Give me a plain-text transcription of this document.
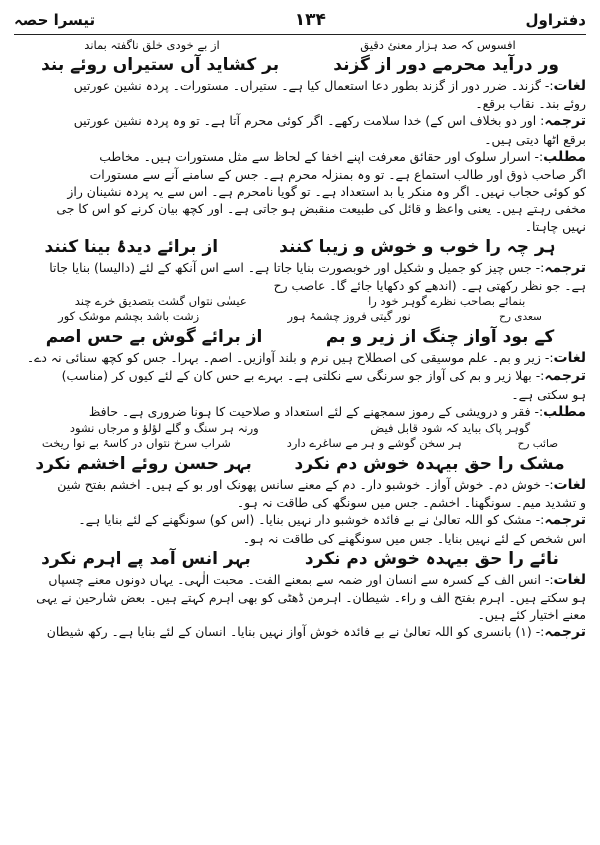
تیسرا حصہ	۱۳۴	دفتراول
افسوس کہ صد ہزار معنئ دقیق
از بے خودی خلق ناگفتہ بماند
ور درآید محرمے دور از گزند
بر کشاید آں ستیراں روئے بند
لغات:- گزند۔ ضرر دور از گزند بطور دعا استعمال کیا ہے۔ ستیراں۔ مستورات۔ پردہ نشین عورتیں
روئے بند۔ نقاب برقع۔
ترجمہ: اور دو بخلاف اس کے) خدا سلامت رکھے۔ اگر کوئی محرم آتا ہے۔ تو وہ پردہ نشین عورتیں
برقع اٹھا دیتی ہیں۔
مطلب:- اسرار سلوک اور حقائق معرفت اپنے اخفا کے لحاظ سے مثل مستورات ہیں۔ مخاطب
اگر صاحب ذوق اور طالب استماع ہے۔ تو وہ بمنزلہ محرم ہے۔ جس کے سامنے آنے سے مستورات
کو کوئی حجاب نہیں۔ اگر وہ منکر یا بد استعداد ہے۔ تو گویا نامحرم ہے۔ اس سے یہ پردہ نشینان راز
مخفی رہتے ہیں۔ یعنی واعظ و قائل کی طبیعت منقبض ہو جاتی ہے۔ اور کچھ بیان کرنے کو اس کا جی
نہیں چاہتا۔
ہر چہ را خوب و خوش و زیبا کنند
از برائے دیدۂ بینا کنند
ترجمہ:- جس چیز کو جمیل و شکیل اور خوبصورت بنایا جاتا ہے۔ اسے اس آنکھ کے لئے (دالیسا) بنایا جاتا
ہے۔ جو نظر رکھتی ہے۔ (اندھے کو دکھایا جائے گا۔ عاصب رح
بنمائے بصاحب نظرے گوہر خود را
عیسٰی نتواں گشت بتصدیق خرے چند
سعدی رح
نور گیتی فروز چشمۂ ہور
زشت باشد بچشم موشک کور
کے بود آواز چنگ از زیر و بم
از برائے گوش بے حس اصم
لغات:- زیر و بم۔ علم موسیقی کی اصطلاح ہیں نرم و بلند آوازیں۔ اصم۔ بہرا۔ جس کو کچھ سنائی نہ دے۔
ترجمہ:- بھلا زیر و بم کی آواز جو سرنگی سے نکلتی ہے۔ بہرے بے حس کان کے لئے کیوں کر (مناسب)
ہو سکتی ہے۔
مطلب:- فقر و درویشی کے رموز سمجھنے کے لئے استعداد و صلاحیت کا ہونا ضروری ہے۔ حافظ
گوہر پاک بباید کہ شود قابل فیض
ورنہ ہر سنگ و گلے لؤلؤ و مرجاں نشود
صائب رح
ہر سخن گوشے و ہر مے ساغرے دارد
شراب سرخ نتواں در کاسۂ بے نوا ریخت
مشک را حق بیہدہ خوش دم نکرد
بہر حسن روئے اخشم نکرد
لغات:- خوش دم۔ خوش آواز۔ خوشبو دار۔ دم کے معنے سانس پھونک اور بو کے ہیں۔ اخشم بفتح شین
و تشدید میم۔ سونگھنا۔ اخشم۔ جس میں سونگھ کی طاقت نہ ہو۔
ترجمہ:- مشک کو اللہ تعالیٰ نے بے فائدہ خوشبو دار نہیں بنایا۔ (اس کو) سونگھنے کے لئے بنایا ہے۔
اس شخص کے لئے نہیں بنایا۔ جس میں سونگھنے کی طاقت نہ ہو۔
نائے را حق بیہدہ خوش دم نکرد
بہر انس آمد پے اہرم نکرد
لغات:- انس الف کے کسرہ سے انسان اور ضمہ سے بمعنے الفت۔ محبت الٰہی۔ یہاں دونوں معنے چسپاں
ہو سکتے ہیں۔ اہرم بفتح الف و راء۔ شیطان۔ اہرمن ڈھٹی کو بھی اہرم کہتے ہیں۔ بعض شارحین نے یہی
معنے اختیار کئے ہیں۔
ترجمہ:- (۱) بانسری کو اللہ تعالیٰ نے بے فائدہ خوش آواز نہیں بنایا۔ انسان کے لئے بنایا ہے۔ رکھ شیطان
